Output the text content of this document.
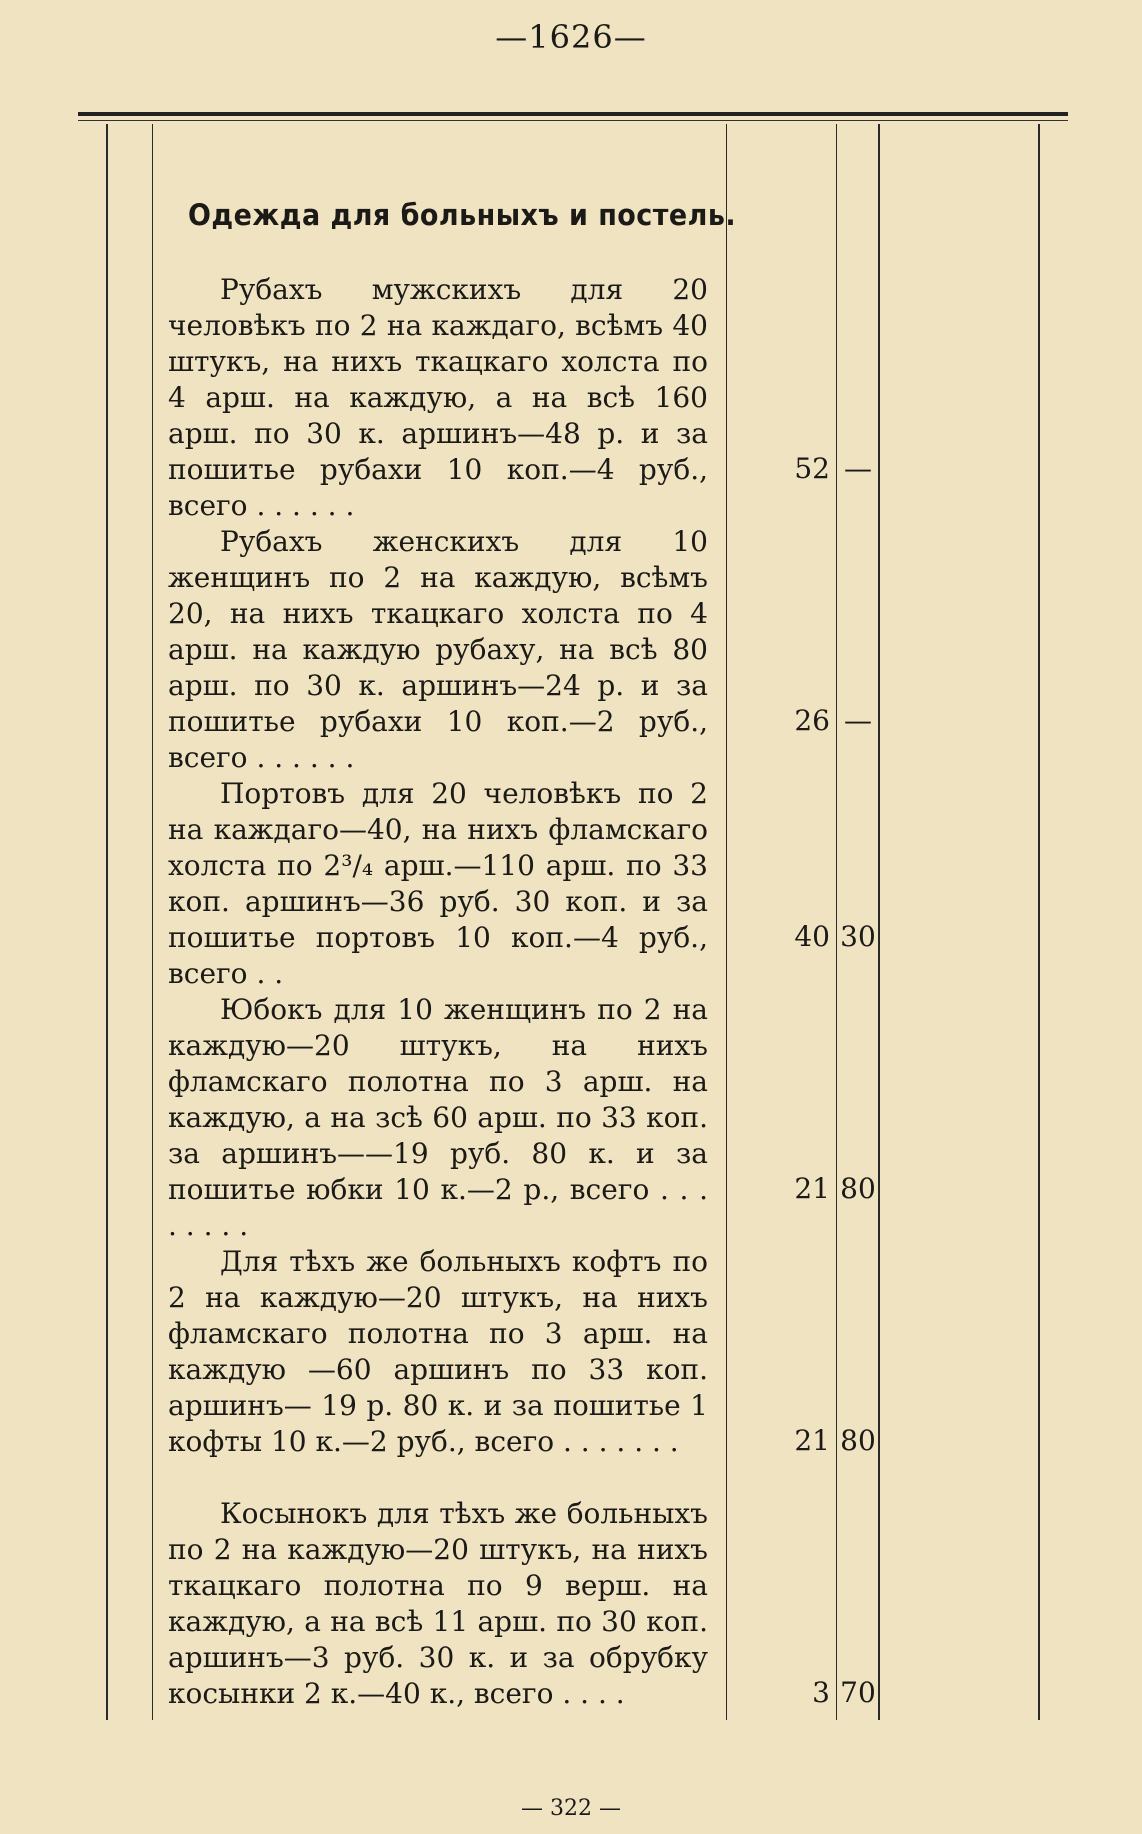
—1626—
Одежда для больныхъ и постель.
Рубахъ мужскихъ для 20 человѣкъ по 2 на каждаго, всѣмъ 40 штукъ, на нихъ ткацкаго холста по 4 арш. на каждую, а на всѣ 160 арш. по 30 к. аршинъ—48 р. и за пошитье рубахи 10 коп.—4 руб., всего . . . . . .
52 —
Рубахъ женскихъ для 10 женщинъ по 2 на каждую, всѣмъ 20, на нихъ ткацкаго холста по 4 арш. на каждую рубаху, на всѣ 80 арш. по 30 к. аршинъ—24 р. и за пошитье рубахи 10 коп.—2 руб., всего . . . . . .
26 —
Портовъ для 20 человѣкъ по 2 на каждаго—40, на нихъ фламскаго холста по 2³/₄ арш.—110 арш. по 33 коп. аршинъ—36 руб. 30 коп. и за пошитье портовъ 10 коп.—4 руб., всего . .
40 30
Юбокъ для 10 женщинъ по 2 на каждую—20 штукъ, на нихъ фламскаго полотна по 3 арш. на каждую, а на зсѣ 60 арш. по 33 коп. за аршинъ——19 руб. 80 к. и за пошитье юбки 10 к.—2 р., всего . . . . . . . .
21 80
Для тѣхъ же больныхъ кофтъ по 2 на каждую—20 штукъ, на нихъ фламскаго полотна по 3 арш. на каждую —60 аршинъ по 33 коп. аршинъ— 19 р. 80 к. и за пошитье 1 кофты 10 к.—2 руб., всего . . . . . . .	21 80
Косынокъ для тѣхъ же больныхъ по 2 на каждую—20 штукъ, на нихъ ткацкаго полотна по 9 верш. на каждую, а на всѣ 11 арш. по 30 коп. аршинъ—3 руб. 30 к. и за обрубку косынки 2 к.—40 к., всего . . . .	3 70
— 322 —
